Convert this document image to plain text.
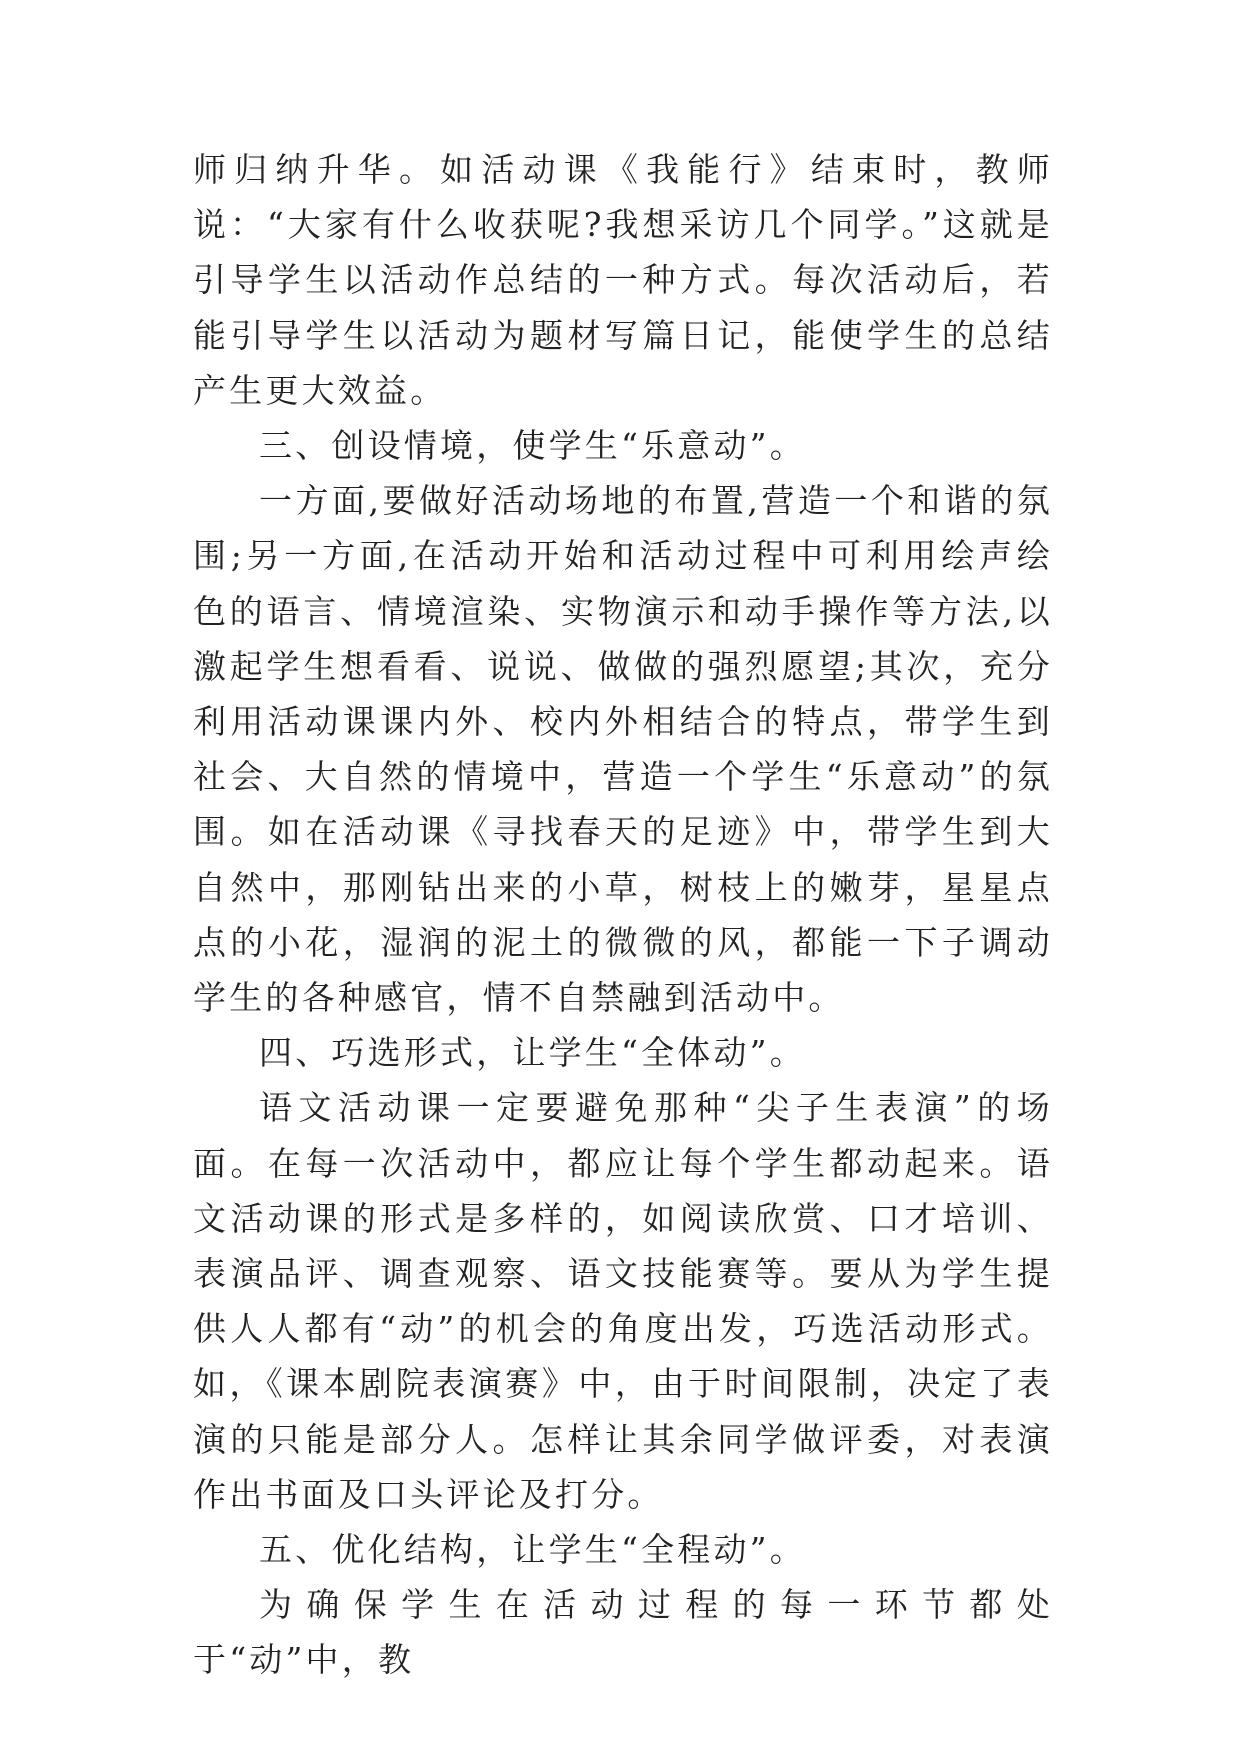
师归纳升华。如活动课《我能行》结束时，教师说：“大家有什么收获呢?我想采访几个同学。”这就是引导学生以活动作总结的一种方式。每次活动后，若能引导学生以活动为题材写篇日记，能使学生的总结产生更大效益。

三、创设情境，使学生“乐意动”。

一方面,要做好活动场地的布置,营造一个和谐的氛围;另一方面,在活动开始和活动过程中可利用绘声绘色的语言、情境渲染、实物演示和动手操作等方法,以激起学生想看看、说说、做做的强烈愿望;其次，充分利用活动课课内外、校内外相结合的特点，带学生到社会、大自然的情境中，营造一个学生“乐意动”的氛围。如在活动课《寻找春天的足迹》中，带学生到大自然中，那刚钻出来的小草，树枝上的嫩芽，星星点点的小花，湿润的泥土的微微的风，都能一下子调动学生的各种感官，情不自禁融到活动中。

四、巧选形式，让学生“全体动”。

语文活动课一定要避免那种“尖子生表演”的场面。在每一次活动中，都应让每个学生都动起来。语文活动课的形式是多样的，如阅读欣赏、口才培训、表演品评、调查观察、语文技能赛等。要从为学生提供人人都有“动”的机会的角度出发，巧选活动形式。如，《课本剧院表演赛》中，由于时间限制，决定了表演的只能是部分人。怎样让其余同学做评委，对表演作出书面及口头评论及打分。

五、优化结构，让学生“全程动”。

为确保学生在活动过程的每一环节都处于“动”中，教
